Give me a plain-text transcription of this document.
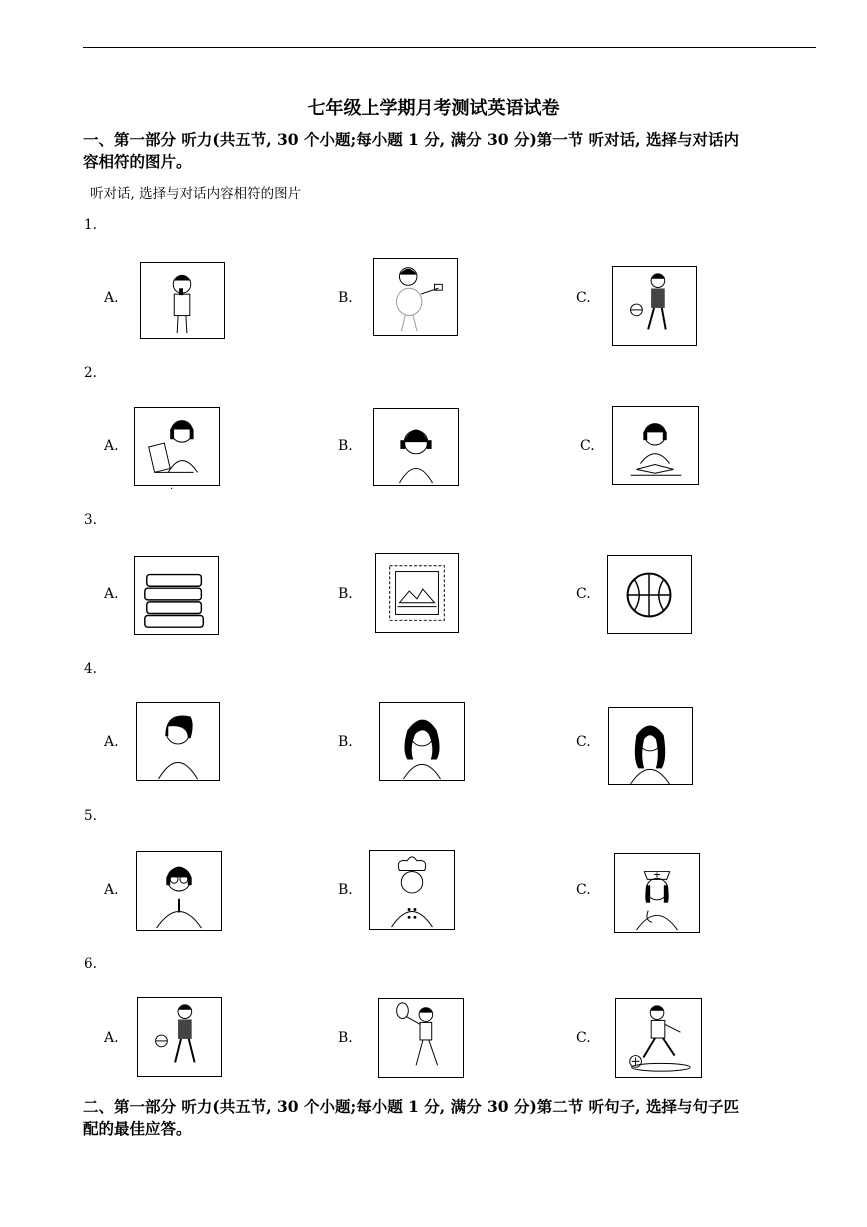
七年级上学期月考测试英语试卷
一、第一部分 听力(共五节, 30 个小题;每小题 1 分, 满分 30 分)第一节 听对话, 选择与对话内
容相符的图片。
听对话, 选择与对话内容相符的图片
1.
A.	B.	C.
2.
A.	B.	C.
·
3.
A.	B.	C.
4.
A.	B.	C.
5.
A.	B.	C.
6.
A.	B.	C.
二、第一部分 听力(共五节, 30 个小题;每小题 1 分, 满分 30 分)第二节 听句子, 选择与句子匹
配的最佳应答。
